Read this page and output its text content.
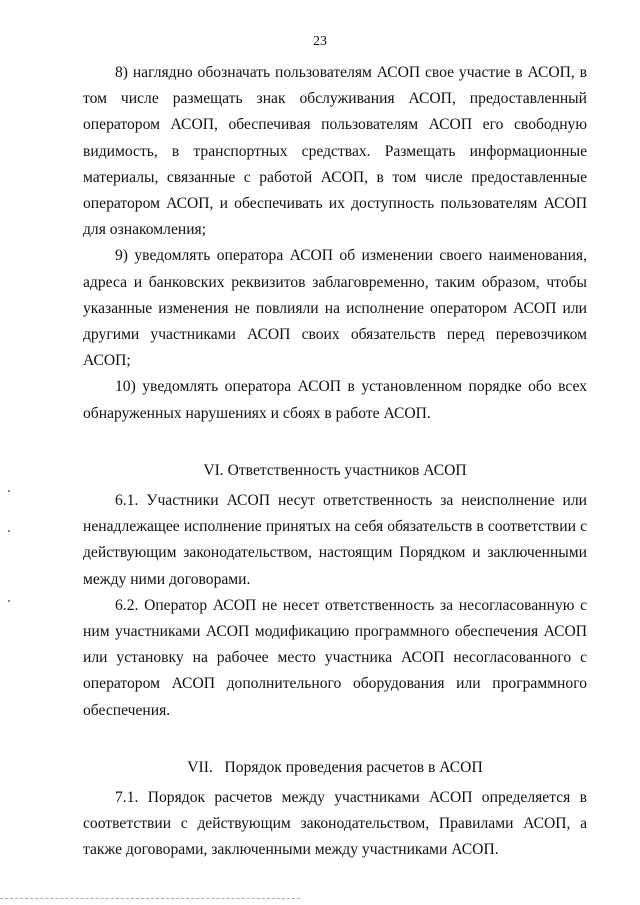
23

8) наглядно обозначать пользователям АСОП свое участие в АСОП, в том числе размещать знак обслуживания АСОП, предоставленный оператором АСОП, обеспечивая пользователям АСОП его свободную видимость, в транспортных средствах. Размещать информационные материалы, связанные с работой АСОП, в том числе предоставленные оператором АСОП, и обеспечивать их доступность пользователям АСОП для ознакомления;

9) уведомлять оператора АСОП об изменении своего наименования, адреса и банковских реквизитов заблаговременно, таким образом, чтобы указанные изменения не повлияли на исполнение оператором АСОП или другими участниками АСОП своих обязательств перед перевозчиком АСОП;

10) уведомлять оператора АСОП в установленном порядке обо всех обнаруженных нарушениях и сбоях в работе АСОП.

VI. Ответственность участников АСОП

6.1. Участники АСОП несут ответственность за неисполнение или ненадлежащее исполнение принятых на себя обязательств в соответствии с действующим законодательством, настоящим Порядком и заключенными между ними договорами.

6.2. Оператор АСОП не несет ответственность за несогласованную с ним участниками АСОП модификацию программного обеспечения АСОП или установку на рабочее место участника АСОП несогласованного с оператором АСОП дополнительного оборудования или программного обеспечения.

VII.   Порядок проведения расчетов в АСОП

7.1. Порядок расчетов между участниками АСОП определяется в соответствии с действующим законодательством, Правилами АСОП, а также договорами, заключенными между участниками АСОП.
